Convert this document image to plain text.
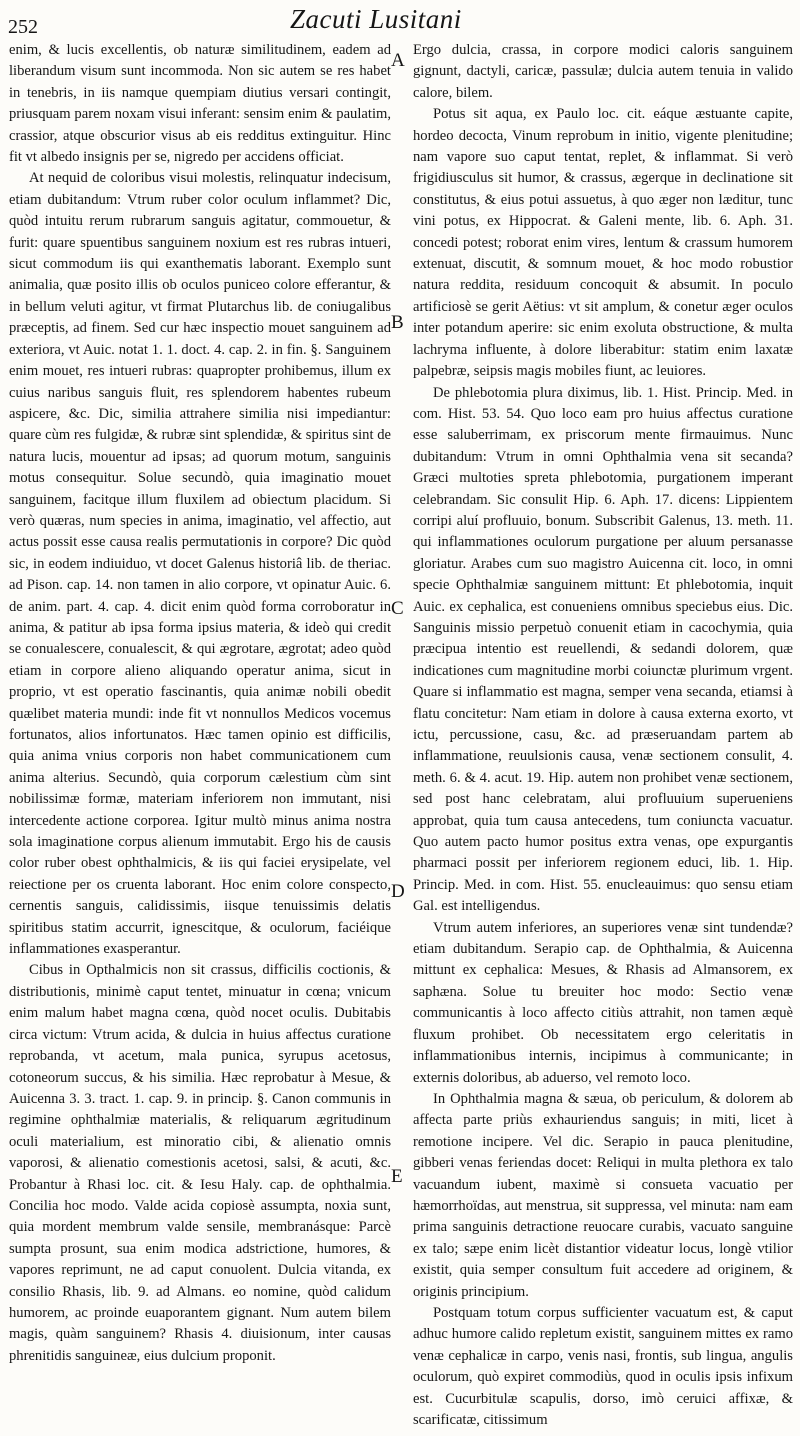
252	Zacuti Lusitani

enim, & lucis excellentis, ob naturæ similitudinem, eadem ad liberandum visum sunt incommoda. Non sic autem se res habet in tenebris, in iis namque quempiam diutius versari contingit, priusquam parem noxam visui inferant: sensim enim & paulatim, crassior, atque obscurior visus ab eis redditus extinguitur. Hinc fit vt albedo insignis per se, nigredo per accidens officiat.

At nequid de coloribus visui molestis, relinquatur indecisum, etiam dubitandum: Vtrum ruber color oculum inflammet? Dic, quòd intuitu rerum rubrarum sanguis agitatur, commouetur, & furit: quare spuentibus sanguinem noxium est res rubras intueri, sicut commodum iis qui exanthematis laborant. Exemplo sunt animalia, quæ posito illis ob oculos puniceo colore efferantur, & in bellum veluti agitur, vt firmat Plutarchus lib. de coniugalibus præceptis, ad finem. Sed cur hæc inspectio mouet sanguinem ad exteriora, vt Auic. notat 1. 1. doct. 4. cap. 2. in fin. §. Sanguinem enim mouet, res intueri rubras: quapropter prohibemus, illum ex cuius naribus sanguis fluit, res splendorem habentes rubeum aspicere, &c. Dic, similia attrahere similia nisi impediantur: quare cùm res fulgidæ, & rubræ sint splendidæ, & spiritus sint de natura lucis, mouentur ad ipsas; ad quorum motum, sanguinis motus consequitur. Solue secundò, quia imaginatio mouet sanguinem, facitque illum fluxilem ad obiectum placidum. Si verò quæras, num species in anima, imaginatio, vel affectio, aut actus possit esse causa realis permutationis in corpore? Dic quòd sic, in eodem indiuiduo, vt docet Galenus historiâ lib. de theriac. ad Pison. cap. 14. non tamen in alio corpore, vt opinatur Auic. 6. de anim. part. 4. cap. 4. dicit enim quòd forma corroboratur in anima, & patitur ab ipsa forma ipsius materia, & ideò qui credit se conualescere, conualescit, & qui ægrotare, ægrotat; adeo quòd etiam in corpore alieno aliquando operatur anima, sicut in proprio, vt est operatio fascinantis, quia animæ nobili obedit quælibet materia mundi: inde fit vt nonnullos Medicos vocemus fortunatos, alios infortunatos. Hæc tamen opinio est difficilis, quia anima vnius corporis non habet communicationem cum anima alterius. Secundò, quia corporum cælestium cùm sint nobilissimæ formæ, materiam inferiorem non immutant, nisi intercedente actione corporea. Igitur multò minus anima nostra sola imaginatione corpus alienum immutabit. Ergo his de causis color ruber obest ophthalmicis, & iis qui faciei erysipelate, vel reiectione per os cruenta laborant. Hoc enim colore conspecto, cernentis sanguis, calidissimis, iisque tenuissimis delatis spiritibus statim accurrit, ignescitque, & oculorum, faciéique inflammationes exasperantur.

Cibus in Opthalmicis non sit crassus, difficilis coctionis, & distributionis, minimè caput tentet, minuatur in cœna; vnicum enim malum habet magna cœna, quòd nocet oculis. Dubitabis circa victum: Vtrum acida, & dulcia in huius affectus curatione reprobanda, vt acetum, mala punica, syrupus acetosus, cotoneorum succus, & his similia. Hæc reprobatur à Mesue, & Auicenna 3. 3. tract. 1. cap. 9. in princip. §. Canon communis in regimine ophthalmiæ materialis, & reliquarum ægritudinum oculi materialium, est minoratio cibi, & alienatio omnis vaporosi, & alienatio comestionis acetosi, salsi, & acuti, &c. Probantur à Rhasi loc. cit. & Iesu Haly. cap. de ophthalmia. Concilia hoc modo. Valde acida copiosè assumpta, noxia sunt, quia mordent membrum valde sensile, membranásque: Parcè sumpta prosunt, sua enim modica adstrictione, humores, & vapores reprimunt, ne ad caput conuolent. Dulcia vitanda, ex consilio Rhasis, lib. 9. ad Almans. eo nomine, quòd calidum humorem, ac proinde euaporantem gignant. Num autem bilem magis, quàm sanguinem? Rhasis 4. diuisionum, inter causas phrenitidis sanguineæ, eius dulcium proponit.

Ergo dulcia, crassa, in corpore modici caloris sanguinem gignunt, dactyli, caricæ, passulæ; dulcia autem tenuia in valido calore, bilem.

Potus sit aqua, ex Paulo loc. cit. eáque æstuante capite, hordeo decocta, Vinum reprobum in initio, vigente plenitudine; nam vapore suo caput tentat, replet, & inflammat. Si verò frigidiusculus sit humor, & crassus, ægerque in declinatione sit constitutus, & eius potui assuetus, à quo æger non læditur, tunc vini potus, ex Hippocrat. & Galeni mente, lib. 6. Aph. 31. concedi potest; roborat enim vires, lentum & crassum humorem extenuat, discutit, & somnum mouet, & hoc modo robustior natura reddita, residuum concoquit & absumit. In poculo artificiosè se gerit Aëtius: vt sit amplum, & conetur æger oculos inter potandum aperire: sic enim exoluta obstructione, & multa lachryma influente, à dolore liberabitur: statim enim laxatæ palpebræ, seipsis magis mobiles fiunt, ac leuiores.

De phlebotomia plura diximus, lib. 1. Hist. Princip. Med. in com. Hist. 53. 54. Quo loco eam pro huius affectus curatione esse saluberrimam, ex priscorum mente firmauimus. Nunc dubitandum: Vtrum in omni Ophthalmia vena sit secanda? Græci multoties spreta phlebotomia, purgationem imperant celebrandam. Sic consulit Hip. 6. Aph. 17. dicens: Lippientem corripi aluí profluuio, bonum. Subscribit Galenus, 13. meth. 11. qui inflammationes oculorum purgatione per aluum persanasse gloriatur. Arabes cum suo magistro Auicenna cit. loco, in omni specie Ophthalmiæ sanguinem mittunt: Et phlebotomia, inquit Auic. ex cephalica, est conueniens omnibus speciebus eius. Dic. Sanguinis missio perpetuò conuenit etiam in cacochymia, quia præcipua intentio est reuellendi, & sedandi dolorem, quæ indicationes cum magnitudine morbi coiunctæ plurimum vrgent. Quare si inflammatio est magna, semper vena secanda, etiamsi à flatu concitetur: Nam etiam in dolore à causa externa exorto, vt ictu, percussione, casu, &c. ad præseruandam partem ab inflammatione, reuulsionis causa, venæ sectionem consulit, 4. meth. 6. & 4. acut. 19. Hip. autem non prohibet venæ sectionem, sed post hanc celebratam, alui profluuium superueniens approbat, quia tum causa antecedens, tum coniuncta vacuatur. Quo autem pacto humor positus extra venas, ope expurgantis pharmaci possit per inferiorem regionem educi, lib. 1. Hip. Princip. Med. in com. Hist. 55. enucleauimus: quo sensu etiam Gal. est intelligendus.

Vtrum autem inferiores, an superiores venæ sint tundendæ? etiam dubitandum. Serapio cap. de Ophthalmia, & Auicenna mittunt ex cephalica: Mesues, & Rhasis ad Almansorem, ex saphæna. Solue tu breuiter hoc modo: Sectio venæ communicantis à loco affecto citiùs attrahit, non tamen æquè fluxum prohibet. Ob necessitatem ergo celeritatis in inflammationibus internis, incipimus à communicante; in externis doloribus, ab aduerso, vel remoto loco.

In Ophthalmia magna & sæua, ob periculum, & dolorem ab affecta parte priùs exhauriendus sanguis; in miti, licet à remotione incipere. Vel dic. Serapio in pauca plenitudine, gibberi venas feriendas docet: Reliqui in multa plethora ex talo vacuandum iubent, maximè si consueta vacuatio per hæmorrhoïdas, aut menstrua, sit suppressa, vel minuta: nam eam prima sanguinis detractione reuocare curabis, vacuato sanguine ex talo; sæpe enim licèt distantior videatur locus, longè vtilior existit, quia semper consultum fuit accedere ad originem, & originis principium.

Postquam totum corpus sufficienter vacuatum est, & caput adhuc humore calido repletum existit, sanguinem mittes ex ramo venæ cephalicæ in carpo, venis nasi, frontis, sub lingua, angulis oculorum, quò expiret commodiùs, quod in oculis ipsis infixum est. Cucurbitulæ scapulis, dorso, imò ceruici affixæ, & scarificatæ, citissimum

A
B
C
D
E
